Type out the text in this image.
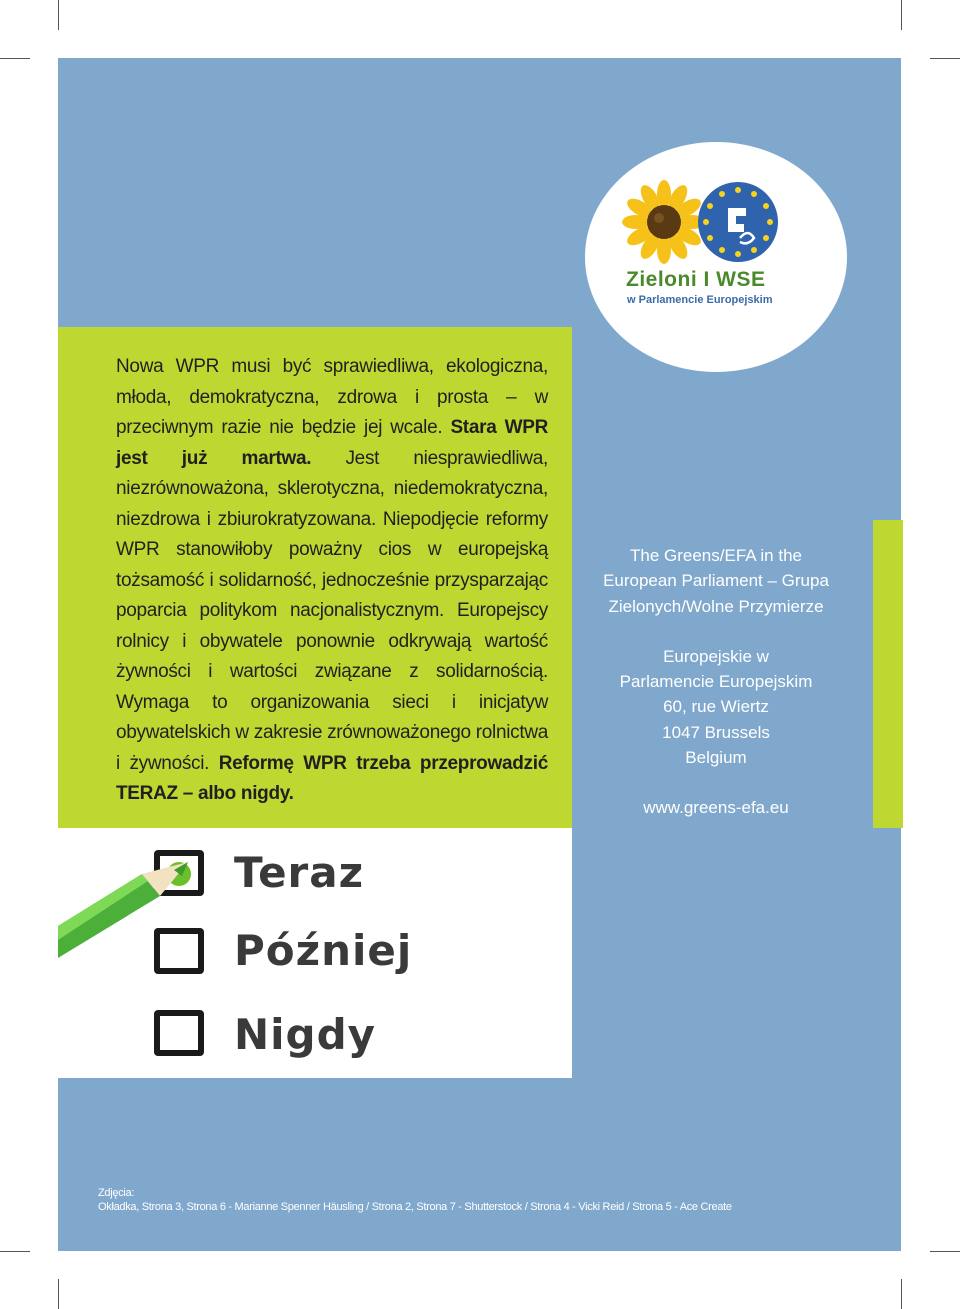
Nowa WPR musi być sprawiedliwa, ekologiczna, młoda, demokratyczna, zdrowa i prosta – w przeciwnym razie nie będzie jej wcale. Stara WPR jest już martwa. Jest niesprawiedliwa, niezrównoważona, sklerotyczna, niedemokratyczna, niezdrowa i zbiurokratyzowana. Niepodjęcie reformy WPR stanowiłoby poważny cios w europejską tożsamość i solidarność, jednocześnie przysparzając poparcia politykom nacjonalistycznym. Europejscy rolnicy i obywatele ponownie odkrywają wartość żywności i wartości związane z solidarnością. Wymaga to organizowania sieci i inicjatyw obywatelskich w zakresie zrównoważonego rolnictwa i żywności. Reformę WPR trzeba przeprowadzić TERAZ – albo nigdy.
Zieloni I WSE
w Parlamencie Europejskim
The Greens/EFA in the
European Parliament – Grupa
Zielonych/Wolne Przymierze
Europejskie w
Parlamencie Europejskim
60, rue Wiertz
1047 Brussels
Belgium
www.greens-efa.eu
Teraz
Później
Nigdy
Zdjęcia:
Okładka, Strona 3, Strona 6 - Marianne Spenner Häusling / Strona 2, Strona 7 - Shutterstock / Strona 4 - Vicki Reid / Strona 5 - Ace Create
